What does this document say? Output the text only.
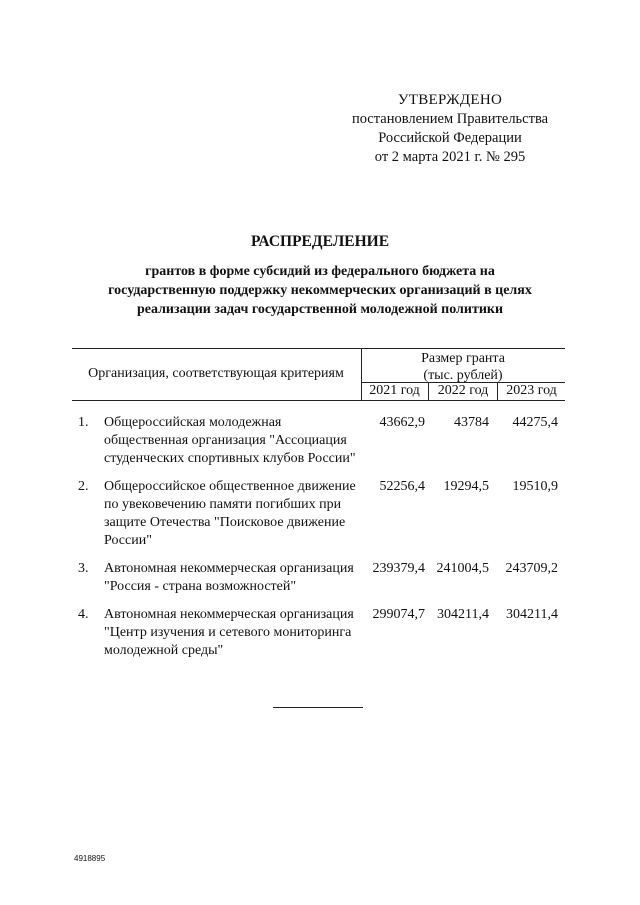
УТВЕРЖДЕНО
постановлением Правительства
Российской Федерации
от 2 марта 2021 г. № 295
РАСПРЕДЕЛЕНИЕ
грантов в форме субсидий из федерального бюджета на
государственную поддержку некоммерческих организаций в целях
реализации задач государственной молодежной политики
Организация, соответствующая критериям
Размер гранта
(тыс. рублей)
2021 год	2022 год	2023 год
1.	Общероссийская молодежная
общественная организация "Ассоциация
студенческих спортивных клубов России"
43662,9	43784	44275,4
2.	Общероссийское общественное движение
по увековечению памяти погибших при
защите Отечества "Поисковое движение
России"
52256,4	19294,5	19510,9
3.	Автономная некоммерческая организация
"Россия - страна возможностей"
239379,4 241004,5	243709,2
4.	Автономная некоммерческая организация
"Центр изучения и сетевого мониторинга
молодежной среды"
299074,7 304211,4	304211,4
4918895
